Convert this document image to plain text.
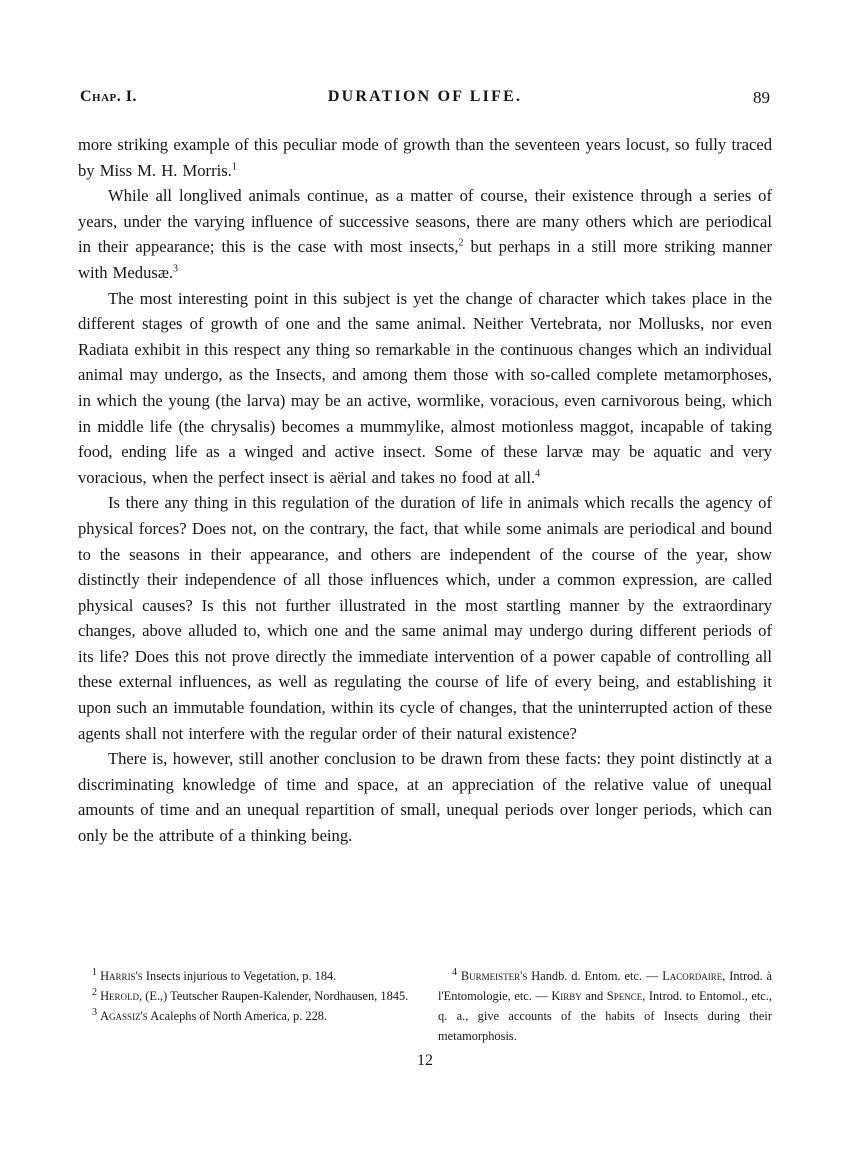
Chap. I.	DURATION OF LIFE.	89

more striking example of this peculiar mode of growth than the seventeen years locust, so fully traced by Miss M. H. Morris.$^1$

While all longlived animals continue, as a matter of course, their existence through a series of years, under the varying influence of successive seasons, there are many others which are periodical in their appearance; this is the case with most insects,$^2$ but perhaps in a still more striking manner with Medusæ.$^3$

The most interesting point in this subject is yet the change of character which takes place in the different stages of growth of one and the same animal. Neither Vertebrata, nor Mollusks, nor even Radiata exhibit in this respect any thing so remarkable in the continuous changes which an individual animal may undergo, as the Insects, and among them those with so-called complete metamorphoses, in which the young (the larva) may be an active, wormlike, voracious, even carnivorous being, which in middle life (the chrysalis) becomes a mummylike, almost motionless maggot, incapable of taking food, ending life as a winged and active insect. Some of these larvæ may be aquatic and very voracious, when the perfect insect is aërial and takes no food at all.$^4$

Is there any thing in this regulation of the duration of life in animals which recalls the agency of physical forces? Does not, on the contrary, the fact, that while some animals are periodical and bound to the seasons in their appearance, and others are independent of the course of the year, show distinctly their independence of all those influences which, under a common expression, are called physical causes? Is this not further illustrated in the most startling manner by the extraordinary changes, above alluded to, which one and the same animal may undergo during different periods of its life? Does this not prove directly the immediate intervention of a power capable of controlling all these external influences, as well as regulating the course of life of every being, and establishing it upon such an immutable foundation, within its cycle of changes, that the uninterrupted action of these agents shall not interfere with the regular order of their natural existence?

There is, however, still another conclusion to be drawn from these facts: they point distinctly at a discriminating knowledge of time and space, at an appreciation of the relative value of unequal amounts of time and an unequal repartition of small, unequal periods over longer periods, which can only be the attribute of a thinking being.

$^1$ Harris's Insects injurious to Vegetation, p. 184.

$^2$ Herold, (E.,) Teutscher Raupen-Kalender, Nordhausen, 1845.

$^3$ Agassiz's Acalephs of North America, p. 228.

$^4$ Burmeister's Handb. d. Entom. etc. — Lacordaire, Introd. à l'Entomologie, etc. — Kirby and Spence, Introd. to Entomol., etc., q. a., give accounts of the habits of Insects during their metamorphosis.

12
